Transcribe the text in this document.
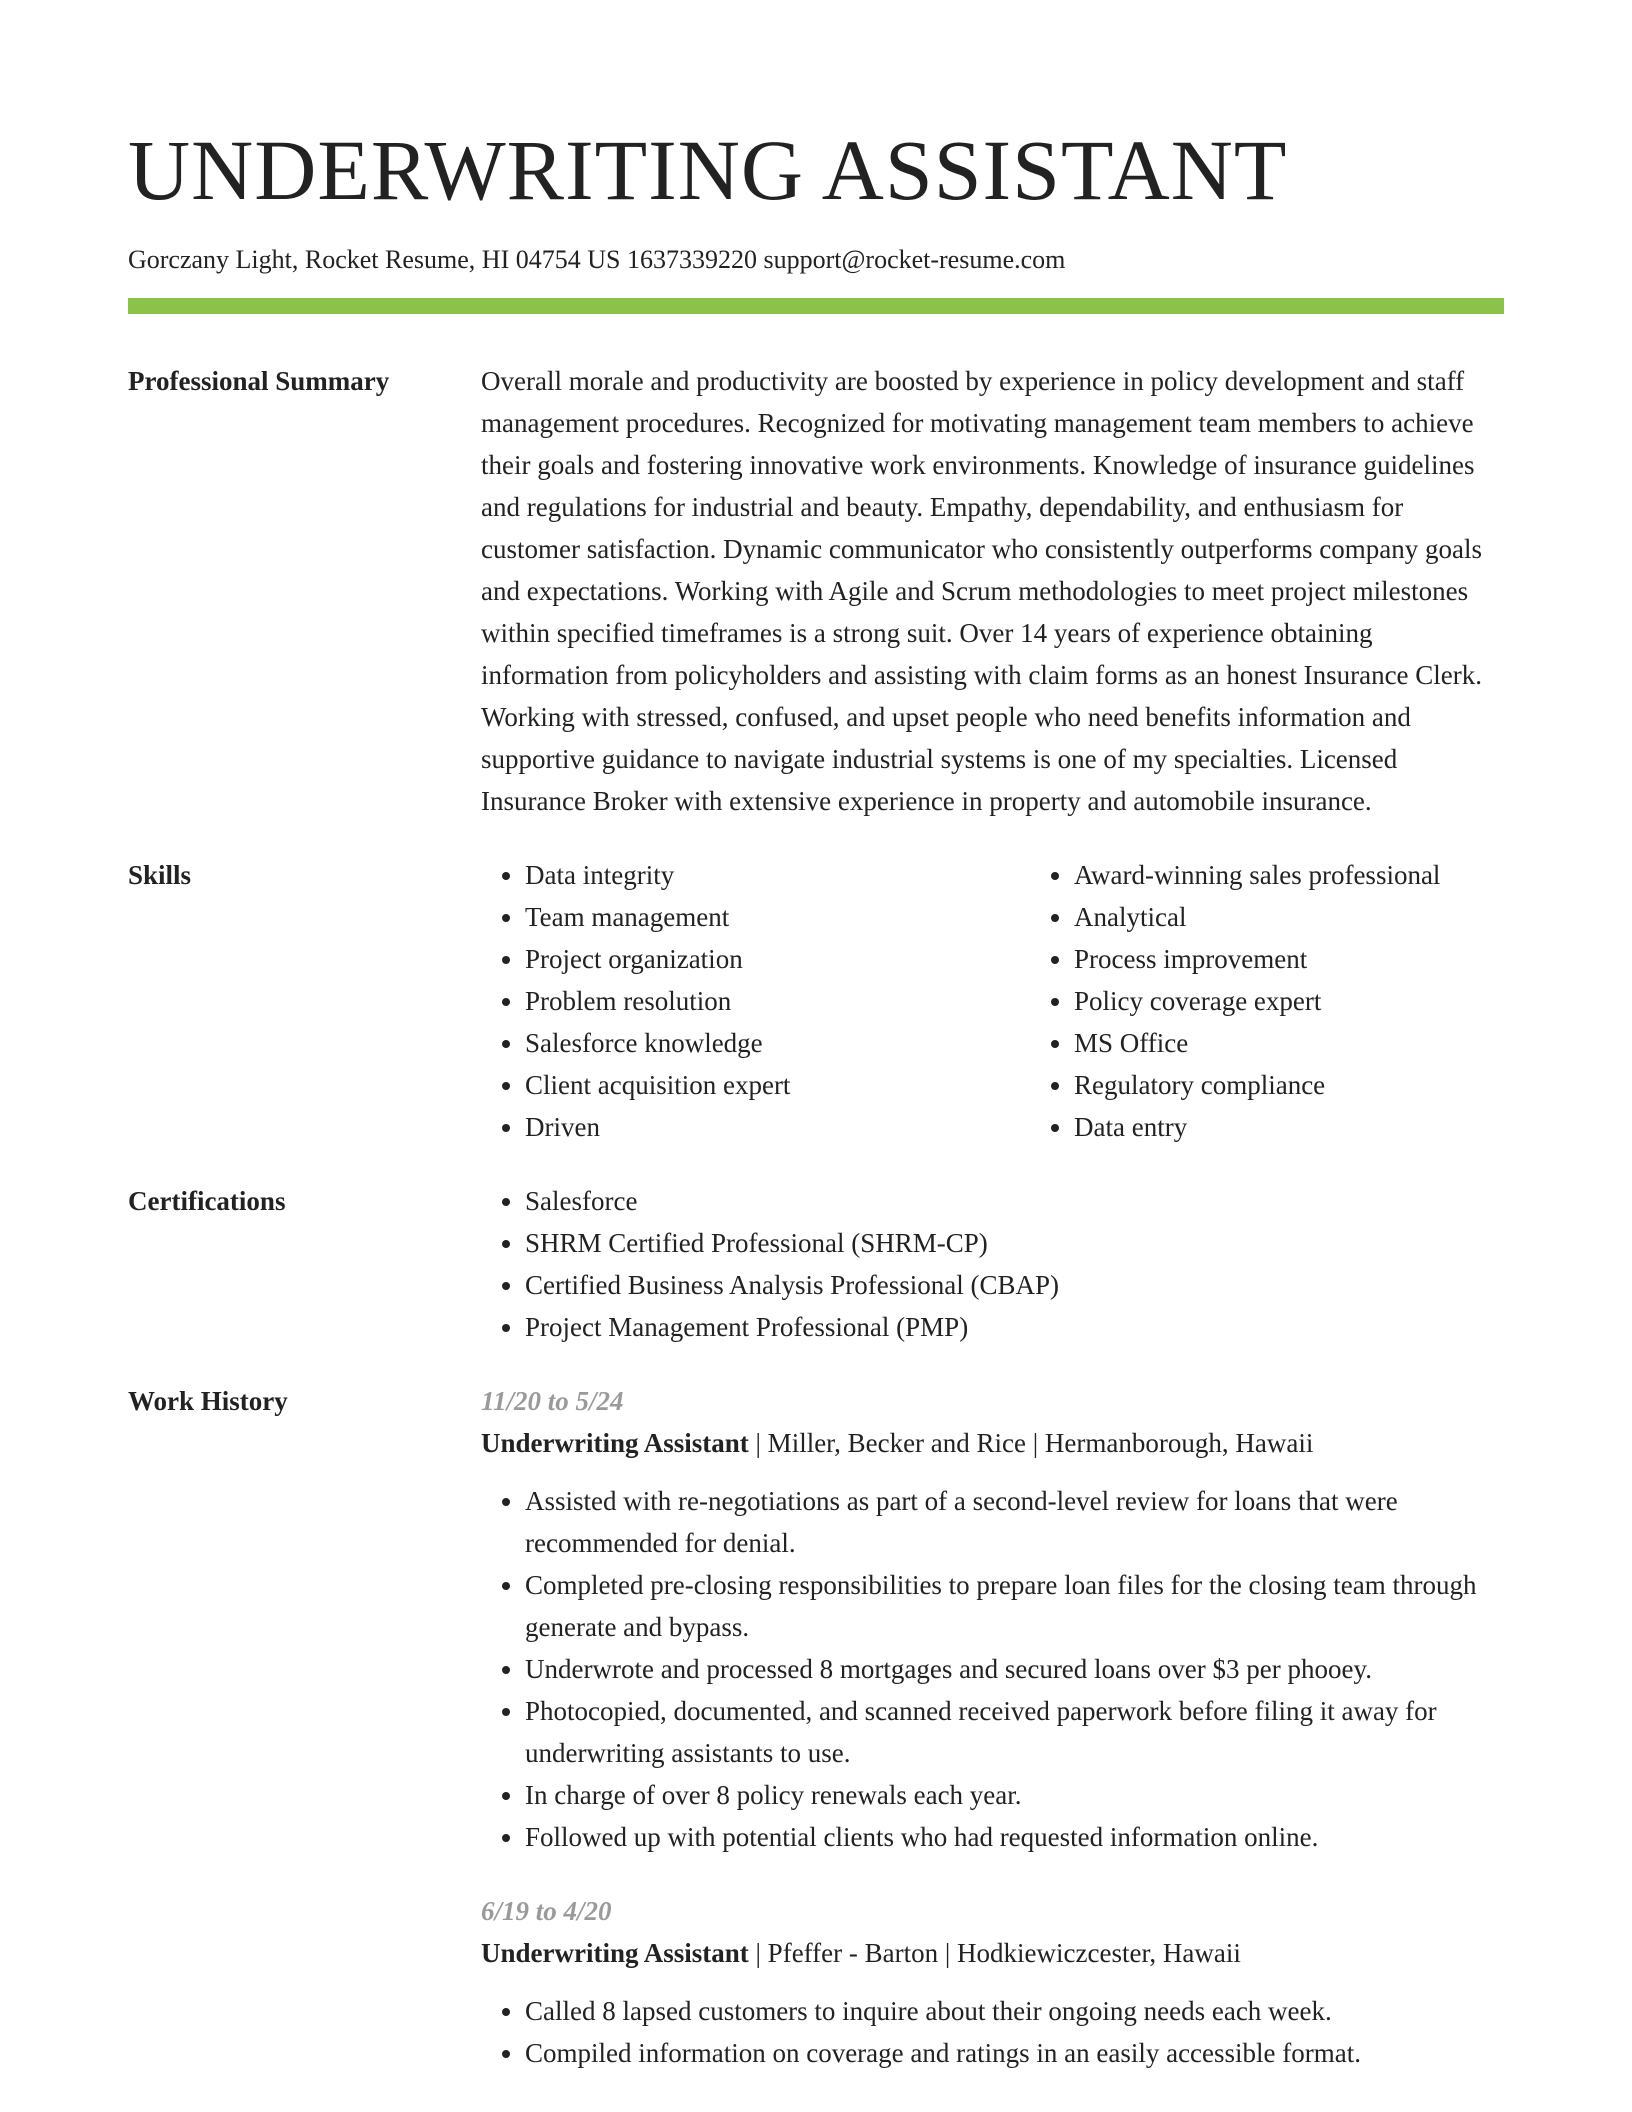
UNDERWRITING ASSISTANT
Gorczany Light, Rocket Resume, HI 04754 US 1637339220 support@rocket-resume.com
Professional Summary	Overall morale and productivity are boosted by experience in policy development and staff management procedures. Recognized for motivating management team members to achieve their goals and fostering innovative work environments. Knowledge of insurance guidelines and regulations for industrial and beauty. Empathy, dependability, and enthusiasm for customer satisfaction. Dynamic communicator who consistently outperforms company goals and expectations. Working with Agile and Scrum methodologies to meet project milestones within specified timeframes is a strong suit. Over 14 years of experience obtaining information from policyholders and assisting with claim forms as an honest Insurance Clerk. Working with stressed, confused, and upset people who need benefits information and supportive guidance to navigate industrial systems is one of my specialties. Licensed Insurance Broker with extensive experience in property and automobile insurance.

Skills	• Data integrity
• Team management
• Project organization
• Problem resolution
• Salesforce knowledge
• Client acquisition expert
• Driven
• Award-winning sales professional
• Analytical
• Process improvement
• Policy coverage expert
• MS Office
• Regulatory compliance
• Data entry
Certifications	• Salesforce
• SHRM Certified Professional (SHRM-CP)
• Certified Business Analysis Professional (CBAP)
• Project Management Professional (PMP)
Work History	11/20 to 5/24
Underwriting Assistant | Miller, Becker and Rice | Hermanborough, Hawaii
• Assisted with re-negotiations as part of a second-level review for loans that were recommended for denial.
• Completed pre-closing responsibilities to prepare loan files for the closing team through generate and bypass.
• Underwrote and processed 8 mortgages and secured loans over $3 per phooey.
• Photocopied, documented, and scanned received paperwork before filing it away for underwriting assistants to use.
• In charge of over 8 policy renewals each year.
• Followed up with potential clients who had requested information online.
6/19 to 4/20
Underwriting Assistant | Pfeffer - Barton | Hodkiewiczcester, Hawaii
• Called 8 lapsed customers to inquire about their ongoing needs each week.
• Compiled information on coverage and ratings in an easily accessible format.
